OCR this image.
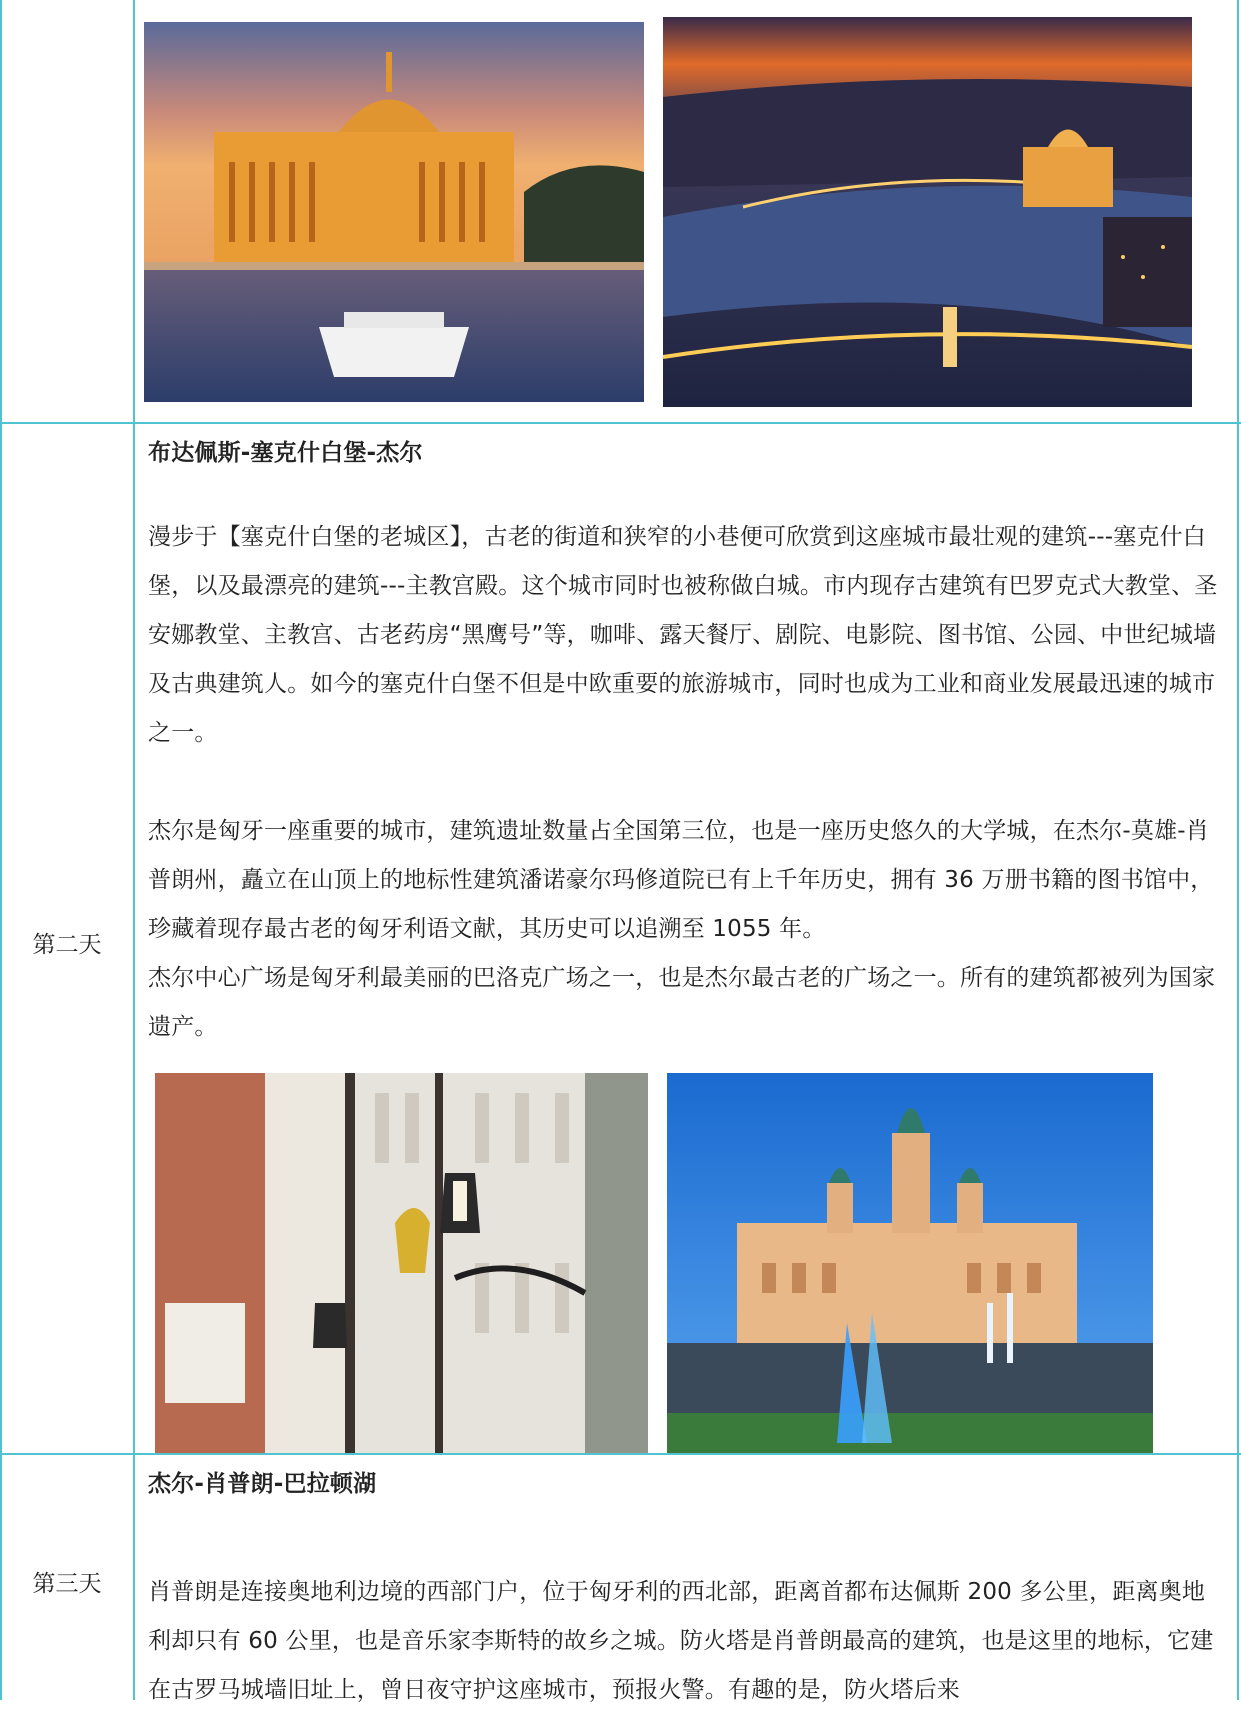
第二天
布达佩斯-塞克什白堡-杰尔

漫步于【塞克什白堡的老城区】，古老的街道和狭窄的小巷便可欣赏到这座城市最壮观的建筑---塞克什白堡，以及最漂亮的建筑---主教宫殿。这个城市同时也被称做白城。市内现存古建筑有巴罗克式大教堂、圣安娜教堂、主教宫、古老药房“黑鹰号”等，咖啡、露天餐厅、剧院、电影院、图书馆、公园、中世纪城墙及古典建筑人。如今的塞克什白堡不但是中欧重要的旅游城市，同时也成为工业和商业发展最迅速的城市之一。

杰尔是匈牙一座重要的城市，建筑遗址数量占全国第三位，也是一座历史悠久的大学城，在杰尔-莫雄-肖普朗州，矗立在山顶上的地标性建筑潘诺豪尔玛修道院已有上千年历史，拥有 36 万册书籍的图书馆中，珍藏着现存最古老的匈牙利语文献，其历史可以追溯至 1055 年。

杰尔中心广场是匈牙利最美丽的巴洛克广场之一，也是杰尔最古老的广场之一。所有的建筑都被列为国家遗产。

第三天
杰尔-肖普朗-巴拉顿湖

肖普朗是连接奥地利边境的西部门户，位于匈牙利的西北部，距离首都布达佩斯 200 多公里，距离奥地利却只有 60 公里，也是音乐家李斯特的故乡之城。防火塔是肖普朗最高的建筑，也是这里的地标，它建在古罗马城墙旧址上，曾日夜守护这座城市，预报火警。有趣的是，防火塔后来
